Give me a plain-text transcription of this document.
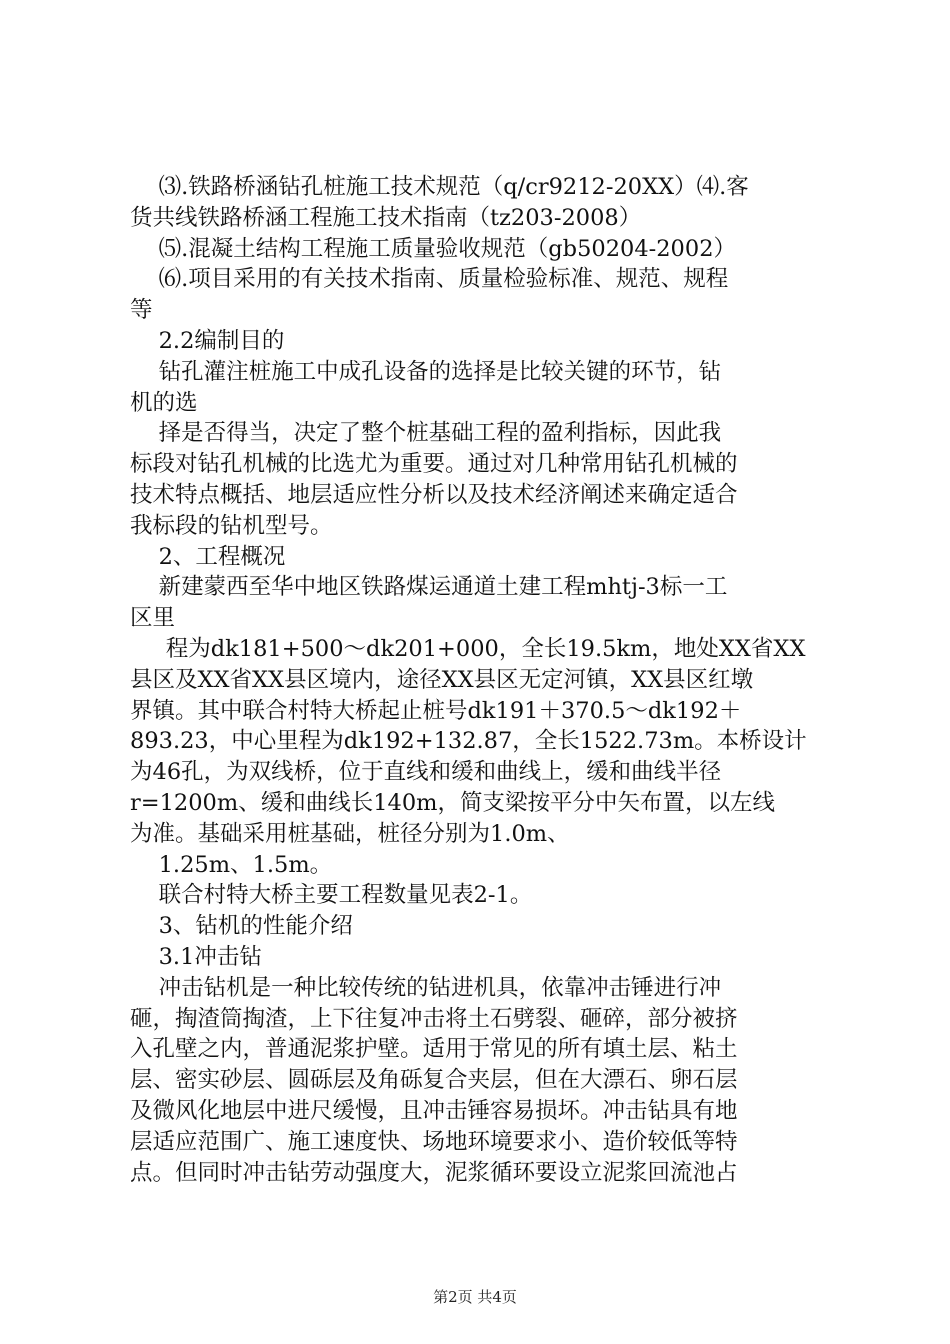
⑶.铁路桥涵钻孔桩施工技术规范（q/cr9212-20XX）⑷.客
货共线铁路桥涵工程施工技术指南（tz203-2008）
⑸.混凝土结构工程施工质量验收规范（gb50204-2002）
⑹.项目采用的有关技术指南、质量检验标准、规范、规程
等
2.2编制目的
钻孔灌注桩施工中成孔设备的选择是比较关键的环节，钻
机的选
择是否得当，决定了整个桩基础工程的盈利指标，因此我
标段对钻孔机械的比选尤为重要。通过对几种常用钻孔机械的
技术特点概括、地层适应性分析以及技术经济阐述来确定适合
我标段的钻机型号。
2、工程概况
新建蒙西至华中地区铁路煤运通道土建工程mhtj-3标一工
区里
程为dk181+500～dk201+000，全长19.5km，地处XX省XX
县区及XX省XX县区境内，途径XX县区无定河镇，XX县区红墩
界镇。其中联合村特大桥起止桩号dk191＋370.5～dk192＋
893.23，中心里程为dk192+132.87，全长1522.73m。本桥设计
为46孔，为双线桥，位于直线和缓和曲线上，缓和曲线半径
r=1200m、缓和曲线长140m，简支梁按平分中矢布置，以左线
为准。基础采用桩基础，桩径分别为1.0m、
1.25m、1.5m。
联合村特大桥主要工程数量见表2-1。
3、钻机的性能介绍
3.1冲击钻
冲击钻机是一种比较传统的钻进机具，依靠冲击锤进行冲
砸，掏渣筒掏渣，上下往复冲击将土石劈裂、砸碎，部分被挤
入孔壁之内，普通泥浆护壁。适用于常见的所有填土层、粘土
层、密实砂层、圆砾层及角砾复合夹层，但在大漂石、卵石层
及微风化地层中进尺缓慢，且冲击锤容易损坏。冲击钻具有地
层适应范围广、施工速度快、场地环境要求小、造价较低等特
点。但同时冲击钻劳动强度大，泥浆循环要设立泥浆回流池占
第2页 共4页
